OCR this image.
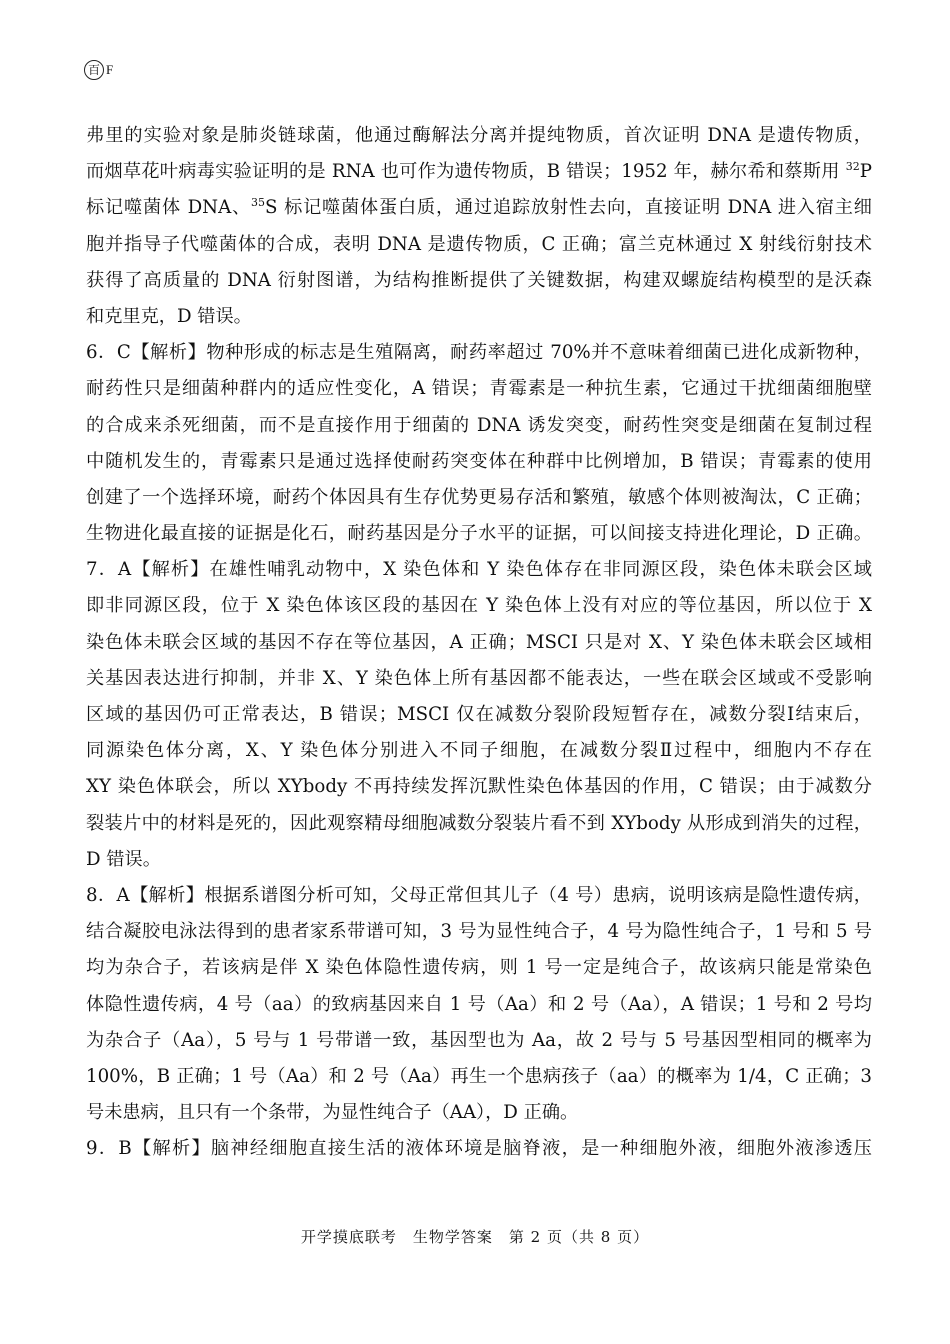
百 F
弗里的实验对象是肺炎链球菌，他通过酶解法分离并提纯物质，首次证明 DNA 是遗传物质，
而烟草花叶病毒实验证明的是 RNA 也可作为遗传物质，B 错误；1952 年，赫尔希和蔡斯用 $^{32}$P
标记噬菌体 DNA、$^{35}$S 标记噬菌体蛋白质，通过追踪放射性去向，直接证明 DNA 进入宿主细
胞并指导子代噬菌体的合成，表明 DNA 是遗传物质，C 正确；富兰克林通过 X 射线衍射技术
获得了高质量的 DNA 衍射图谱，为结构推断提供了关键数据，构建双螺旋结构模型的是沃森
和克里克，D 错误。
6．C【解析】物种形成的标志是生殖隔离，耐药率超过 70%并不意味着细菌已进化成新物种，
耐药性只是细菌种群内的适应性变化，A 错误；青霉素是一种抗生素，它通过干扰细菌细胞壁
的合成来杀死细菌，而不是直接作用于细菌的 DNA 诱发突变，耐药性突变是细菌在复制过程
中随机发生的，青霉素只是通过选择使耐药突变体在种群中比例增加，B 错误；青霉素的使用
创建了一个选择环境，耐药个体因具有生存优势更易存活和繁殖，敏感个体则被淘汰，C 正确；
生物进化最直接的证据是化石，耐药基因是分子水平的证据，可以间接支持进化理论，D 正确。
7．A【解析】在雄性哺乳动物中，X 染色体和 Y 染色体存在非同源区段，染色体未联会区域
即非同源区段，位于 X 染色体该区段的基因在 Y 染色体上没有对应的等位基因，所以位于 X
染色体未联会区域的基因不存在等位基因，A 正确；MSCI 只是对 X、Y 染色体未联会区域相
关基因表达进行抑制，并非 X、Y 染色体上所有基因都不能表达，一些在联会区域或不受影响
区域的基因仍可正常表达，B 错误；MSCI 仅在减数分裂阶段短暂存在，减数分裂Ⅰ结束后，
同源染色体分离，X、Y 染色体分别进入不同子细胞，在减数分裂Ⅱ过程中，细胞内不存在
XY 染色体联会，所以 XYbody 不再持续发挥沉默性染色体基因的作用，C 错误；由于减数分
裂装片中的材料是死的，因此观察精母细胞减数分裂装片看不到 XYbody 从形成到消失的过程，
D 错误。
8．A【解析】根据系谱图分析可知，父母正常但其儿子（4 号）患病，说明该病是隐性遗传病，
结合凝胶电泳法得到的患者家系带谱可知，3 号为显性纯合子，4 号为隐性纯合子，1 号和 5 号
均为杂合子，若该病是伴 X 染色体隐性遗传病，则 1 号一定是纯合子，故该病只能是常染色
体隐性遗传病，4 号（aa）的致病基因来自 1 号（Aa）和 2 号（Aa），A 错误；1 号和 2 号均
为杂合子（Aa），5 号与 1 号带谱一致，基因型也为 Aa，故 2 号与 5 号基因型相同的概率为
100%，B 正确；1 号（Aa）和 2 号（Aa）再生一个患病孩子（aa）的概率为 1/4，C 正确；3
号未患病，且只有一个条带，为显性纯合子（AA），D 正确。
9．B【解析】脑神经细胞直接生活的液体环境是脑脊液，是一种细胞外液，细胞外液渗透压
开学摸底联考　生物学答案　第 2 页（共 8 页）
